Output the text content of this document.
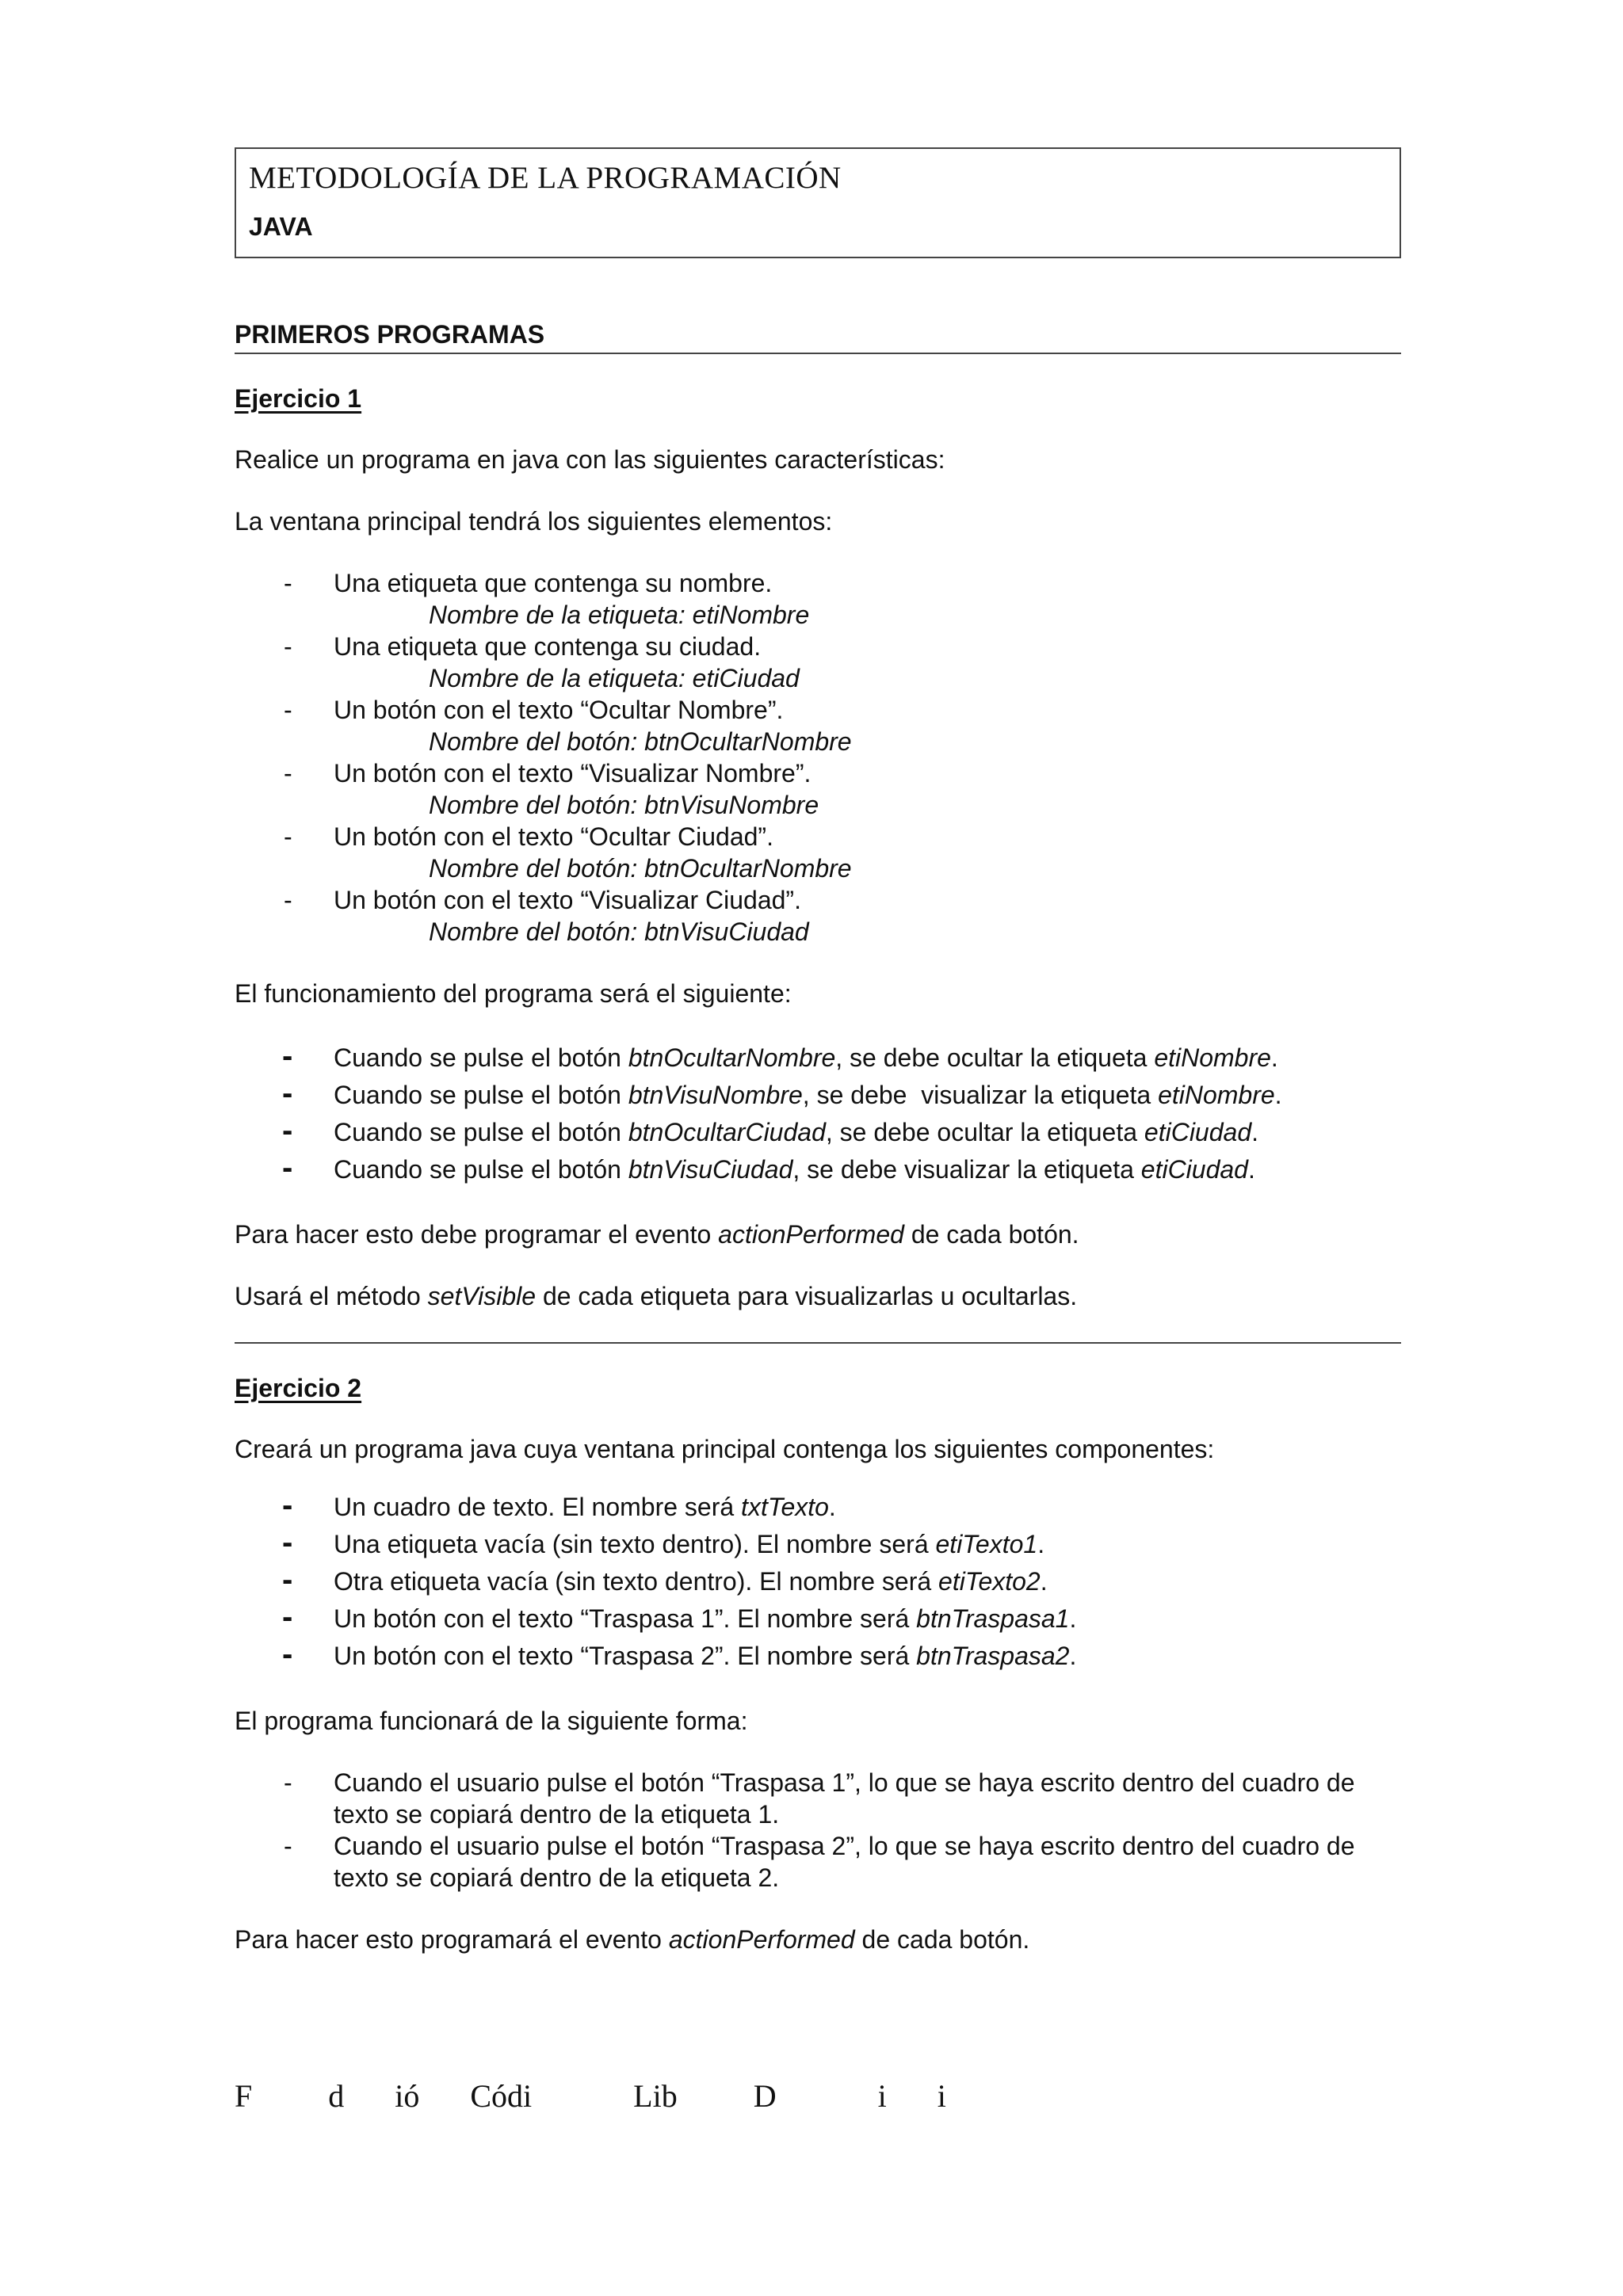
METODOLOGÍA DE LA PROGRAMACIÓN
JAVA
PRIMEROS PROGRAMAS
Ejercicio 1

Realice un programa en java con las siguientes características:

La ventana principal tendrá los siguientes elementos:

- Una etiqueta que contenga su nombre.
Nombre de la etiqueta: etiNombre
- Una etiqueta que contenga su ciudad.
Nombre de la etiqueta: etiCiudad
- Un botón con el texto “Ocultar Nombre”.
Nombre del botón: btnOcultarNombre
- Un botón con el texto “Visualizar Nombre”.
Nombre del botón: btnVisuNombre
- Un botón con el texto “Ocultar Ciudad”.
Nombre del botón: btnOcultarNombre
- Un botón con el texto “Visualizar Ciudad”.
Nombre del botón: btnVisuCiudad

El funcionamiento del programa será el siguiente:

- Cuando se pulse el botón btnOcultarNombre, se debe ocultar la etiqueta etiNombre.
- Cuando se pulse el botón btnVisuNombre, se debe  visualizar la etiqueta etiNombre.
- Cuando se pulse el botón btnOcultarCiudad, se debe ocultar la etiqueta etiCiudad.
- Cuando se pulse el botón btnVisuCiudad, se debe visualizar la etiqueta etiCiudad.

Para hacer esto debe programar el evento actionPerformed de cada botón.

Usará el método setVisible de cada etiqueta para visualizarlas u ocultarlas.

Ejercicio 2

Creará un programa java cuya ventana principal contenga los siguientes componentes:

- Un cuadro de texto. El nombre será txtTexto.
- Una etiqueta vacía (sin texto dentro). El nombre será etiTexto1.
- Otra etiqueta vacía (sin texto dentro). El nombre será etiTexto2.
- Un botón con el texto “Traspasa 1”. El nombre será btnTraspasa1.
- Un botón con el texto “Traspasa 2”. El nombre será btnTraspasa2.

El programa funcionará de la siguiente forma:

- Cuando el usuario pulse el botón “Traspasa 1”, lo que se haya escrito dentro del cuadro de texto se copiará dentro de la etiqueta 1.
- Cuando el usuario pulse el botón “Traspasa 2”, lo que se haya escrito dentro del cuadro de texto se copiará dentro de la etiqueta 2.

Para hacer esto programará el evento actionPerformed de cada botón.

F   d  ió  Códi    Lib   D    i  i
